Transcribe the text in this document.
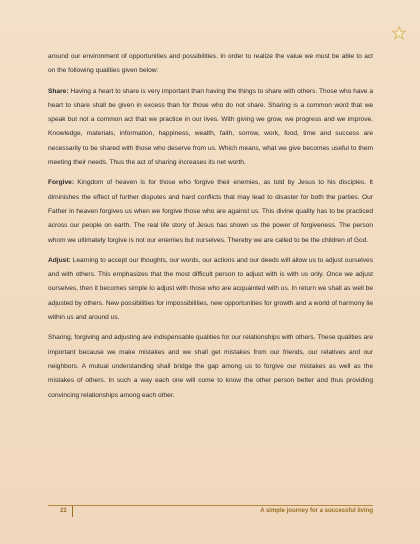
around our environment of opportunities and possibilities. In order to realize the value we must be able to act on the following qualities given below:

Share: Having a heart to share is very important than having the things to share with others. Those who have a heart to share shall be given in excess than for those who do not share. Sharing is a common word that we speak but not a common act that we practice in our lives. With giving we grow, we progress and we improve. Knowledge, materials, information, happiness, wealth, faith, sorrow, work, food, time and success are necessarily to be shared with those who deserve from us. Which means, what we give becomes useful to them meeting their needs. Thus the act of sharing increases its net worth.

Forgive: Kingdom of heaven is for those who forgive their enemies, as told by Jesus to his disciples. It diminishes the effect of further disputes and hard conflicts that may lead to disaster for both the parties. Our Father in heaven forgives us when we forgive those who are against us. This divine quality has to be practiced across our people on earth. The real life story of Jesus has shown us the power of forgiveness. The person whom we ultimately forgive is not our enemies but ourselves. Thereby we are called to be the children of God.

Adjust: Learning to accept our thoughts, our words, our actions and our deeds will allow us to adjust ourselves and with others. This emphasizes that the most difficult person to adjust with is with us only. Once we adjust ourselves, then it becomes simple to adjust with those who are acquainted with us. In return we shall as well be adjusted by others. New possibilities for impossibilities, new opportunities for growth and a world of harmony lie within us and around us.

Sharing, forgiving and adjusting are indispensable qualities for our relationships with others. These qualities are important because we make mistakes and we shall get mistakes from our friends, our relatives and our neighbors. A mutual understanding shall bridge the gap among us to forgive our mistakes as well as the mistakes of others. In such a way each one will come to know the other person better and thus providing convincing relationships among each other.

22	A simple journey for a successful living
